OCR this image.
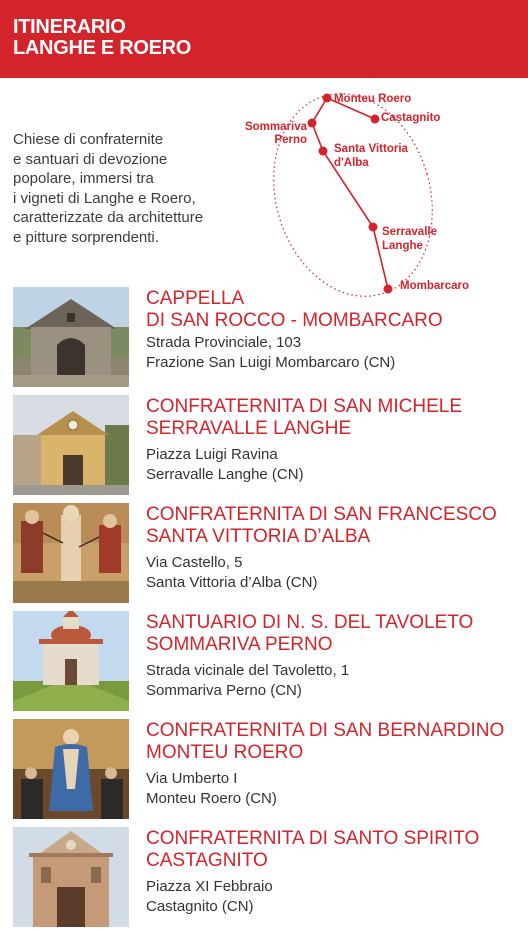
ITINERARIO
LANGHE E ROERO
Chiese di confraternite
e santuari di devozione
popolare, immersi tra
i vigneti di Langhe e Roero,
caratterizzate da architetture
e pitture sorprendenti.
Monteu Roero
Castagnito
Sommariva
Perno
Santa Vittoria
d'Alba
Serravalle
Langhe
Mombarcaro
CAPPELLA
DI SAN ROCCO - MOMBARCARO
Strada Provinciale, 103
Frazione San Luigi Mombarcaro (CN)
CONFRATERNITA DI SAN MICHELE
SERRAVALLE LANGHE
Piazza Luigi Ravina
Serravalle Langhe (CN)
CONFRATERNITA DI SAN FRANCESCO
SANTA VITTORIA D’ALBA
Via Castello, 5
Santa Vittoria d’Alba (CN)
SANTUARIO DI N. S. DEL TAVOLETO
SOMMARIVA PERNO
Strada vicinale del Tavoletto, 1
Sommariva Perno (CN)
CONFRATERNITA DI SAN BERNARDINO
MONTEU ROERO
Via Umberto I
Monteu Roero (CN)
CONFRATERNITA DI SANTO SPIRITO
CASTAGNITO
Piazza XI Febbraio
Castagnito (CN)
